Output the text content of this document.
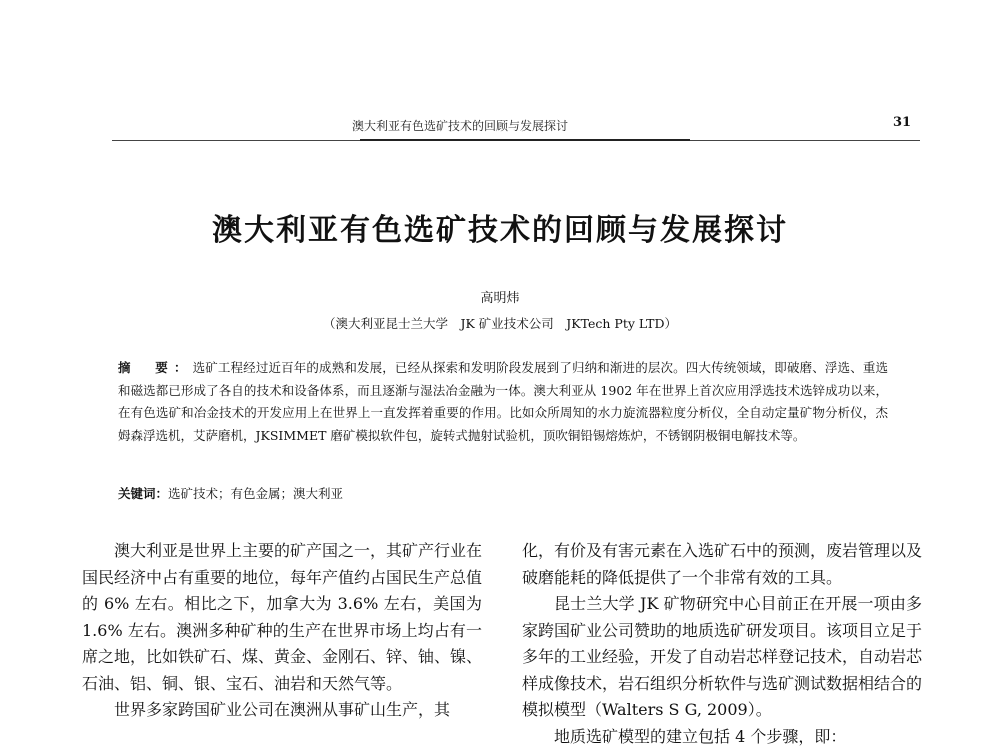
澳大利亚有色选矿技术的回顾与发展探讨	31
澳大利亚有色选矿技术的回顾与发展探讨
高明炜
（澳大利亚昆士兰大学　JK 矿业技术公司　JKTech Pty LTD）
摘　要：选矿工程经过近百年的成熟和发展，已经从探索和发明阶段发展到了归纳和渐进的层次。四大传统领域，即破磨、浮选、重选和磁选都已形成了各自的技术和设备体系，而且逐渐与湿法冶金融为一体。澳大利亚从 1902 年在世界上首次应用浮选技术选锌成功以来，在有色选矿和冶金技术的开发应用上在世界上一直发挥着重要的作用。比如众所周知的水力旋流器粒度分析仪，全自动定量矿物分析仪，杰姆森浮选机，艾萨磨机，JKSIMMET 磨矿模拟软件包，旋转式抛射试验机，顶吹铜铅锡熔炼炉，不锈钢阴极铜电解技术等。
关键词：选矿技术；有色金属；澳大利亚

澳大利亚是世界上主要的矿产国之一，其矿产行业在国民经济中占有重要的地位，每年产值约占国民生产总值的 6% 左右。相比之下，加拿大为 3.6% 左右，美国为 1.6% 左右。澳洲多种矿种的生产在世界市场上均占有一席之地，比如铁矿石、煤、黄金、金刚石、锌、铀、镍、石油、铝、铜、银、宝石、油岩和天然气等。

世界多家跨国矿业公司在澳洲从事矿山生产，其

化，有价及有害元素在入选矿石中的预测，废岩管理以及破磨能耗的降低提供了一个非常有效的工具。

昆士兰大学 JK 矿物研究中心目前正在开展一项由多家跨国矿业公司赞助的地质选矿研发项目。该项目立足于多年的工业经验，开发了自动岩芯样登记技术，自动岩芯样成像技术，岩石组织分析软件与选矿测试数据相结合的模拟模型（Walters S G, 2009）。

地质选矿模型的建立包括 4 个步骤，即：
